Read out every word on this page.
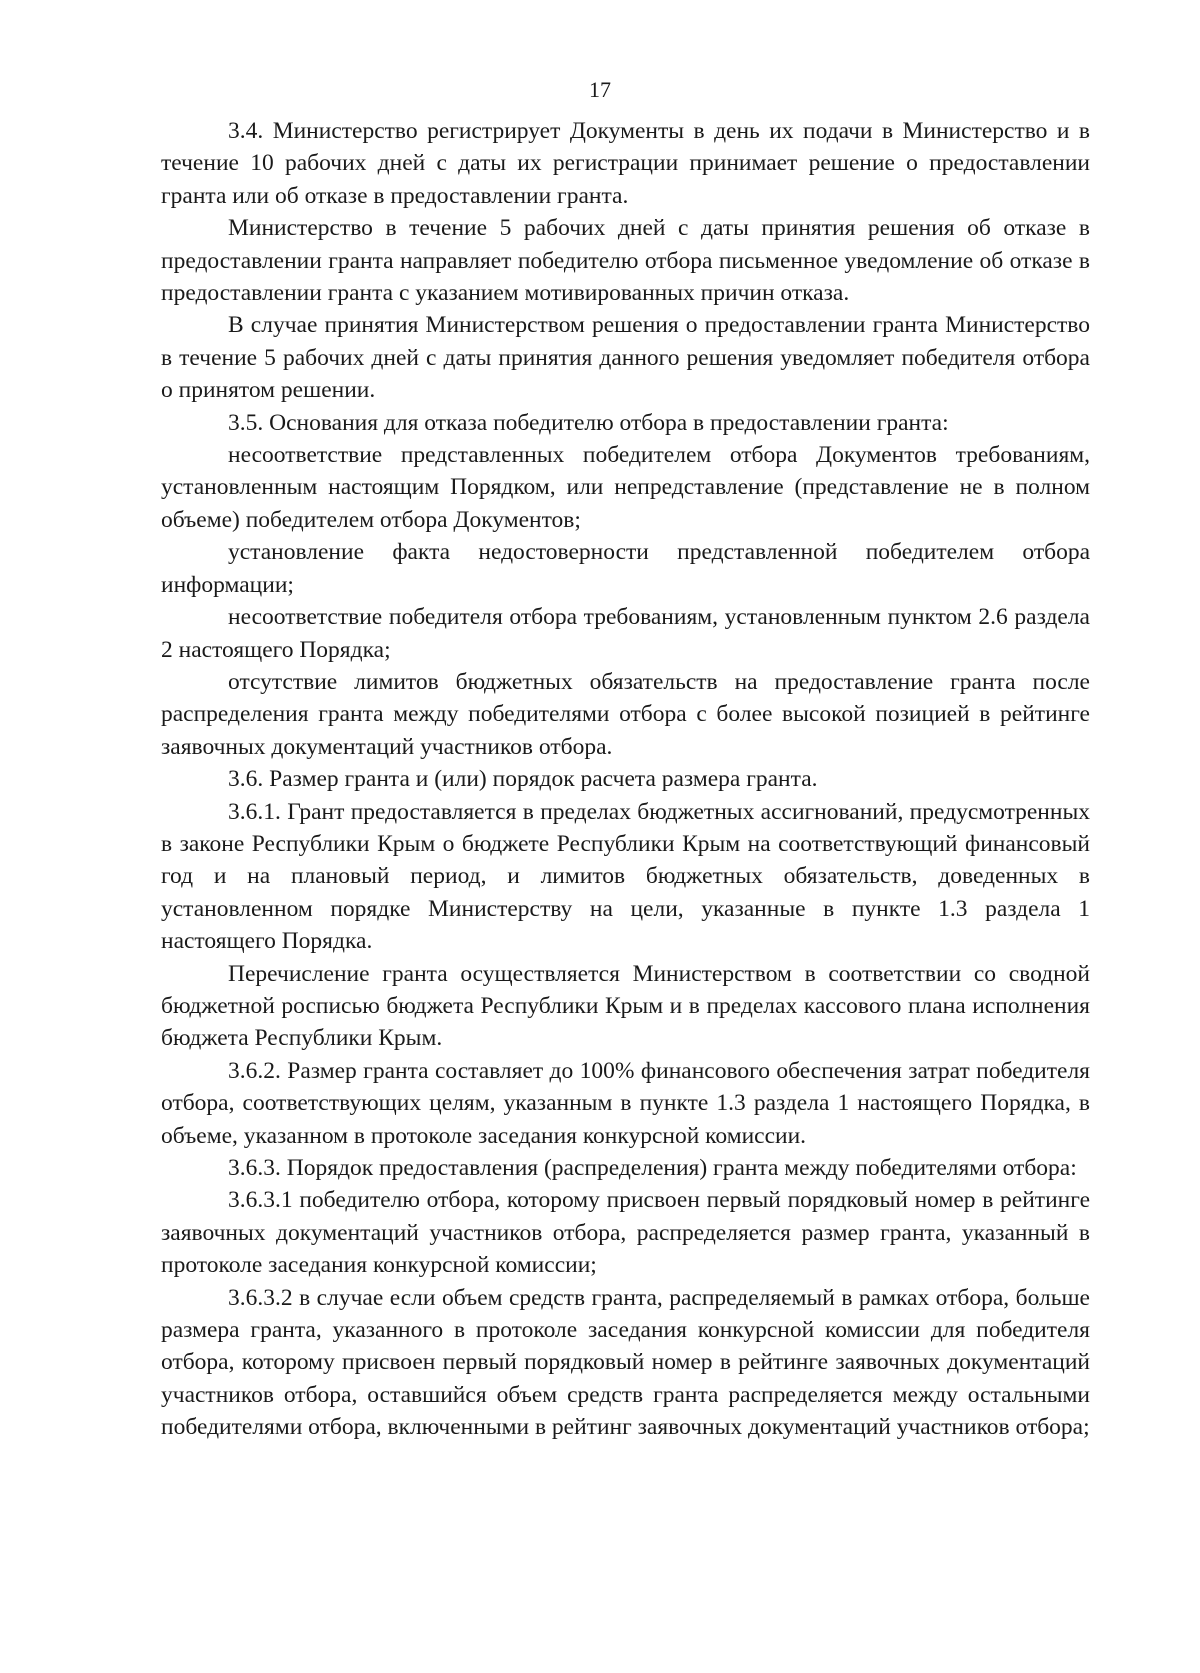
17

3.4. Министерство регистрирует Документы в день их подачи в Министерство и в течение 10 рабочих дней с даты их регистрации принимает решение о предоставлении гранта или об отказе в предоставлении гранта.

Министерство в течение 5 рабочих дней с даты принятия решения об отказе в предоставлении гранта направляет победителю отбора письменное уведомление об отказе в предоставлении гранта с указанием мотивированных причин отказа.

В случае принятия Министерством решения о предоставлении гранта Министерство в течение 5 рабочих дней с даты принятия данного решения уведомляет победителя отбора о принятом решении.

3.5. Основания для отказа победителю отбора в предоставлении гранта:

несоответствие представленных победителем отбора Документов требованиям, установленным настоящим Порядком, или непредставление (представление не в полном объеме) победителем отбора Документов;

установление факта недостоверности представленной победителем отбора информации;

несоответствие победителя отбора требованиям, установленным пунктом 2.6 раздела 2 настоящего Порядка;

отсутствие лимитов бюджетных обязательств на предоставление гранта после распределения гранта между победителями отбора с более высокой позицией в рейтинге заявочных документаций участников отбора.

3.6. Размер гранта и (или) порядок расчета размера гранта.

3.6.1. Грант предоставляется в пределах бюджетных ассигнований, предусмотренных в законе Республики Крым о бюджете Республики Крым на соответствующий финансовый год и на плановый период, и лимитов бюджетных обязательств, доведенных в установленном порядке Министерству на цели, указанные в пункте 1.3 раздела 1 настоящего Порядка.

Перечисление гранта осуществляется Министерством в соответствии со сводной бюджетной росписью бюджета Республики Крым и в пределах кассового плана исполнения бюджета Республики Крым.

3.6.2. Размер гранта составляет до 100% финансового обеспечения затрат победителя отбора, соответствующих целям, указанным в пункте 1.3 раздела 1 настоящего Порядка, в объеме, указанном в протоколе заседания конкурсной комиссии.

3.6.3. Порядок предоставления (распределения) гранта между победителями отбора:

3.6.3.1 победителю отбора, которому присвоен первый порядковый номер в рейтинге заявочных документаций участников отбора, распределяется размер гранта, указанный в протоколе заседания конкурсной комиссии;

3.6.3.2 в случае если объем средств гранта, распределяемый в рамках отбора, больше размера гранта, указанного в протоколе заседания конкурсной комиссии для победителя отбора, которому присвоен первый порядковый номер в рейтинге заявочных документаций участников отбора, оставшийся объем средств гранта распределяется между остальными победителями отбора, включенными в рейтинг заявочных документаций участников отбора;
